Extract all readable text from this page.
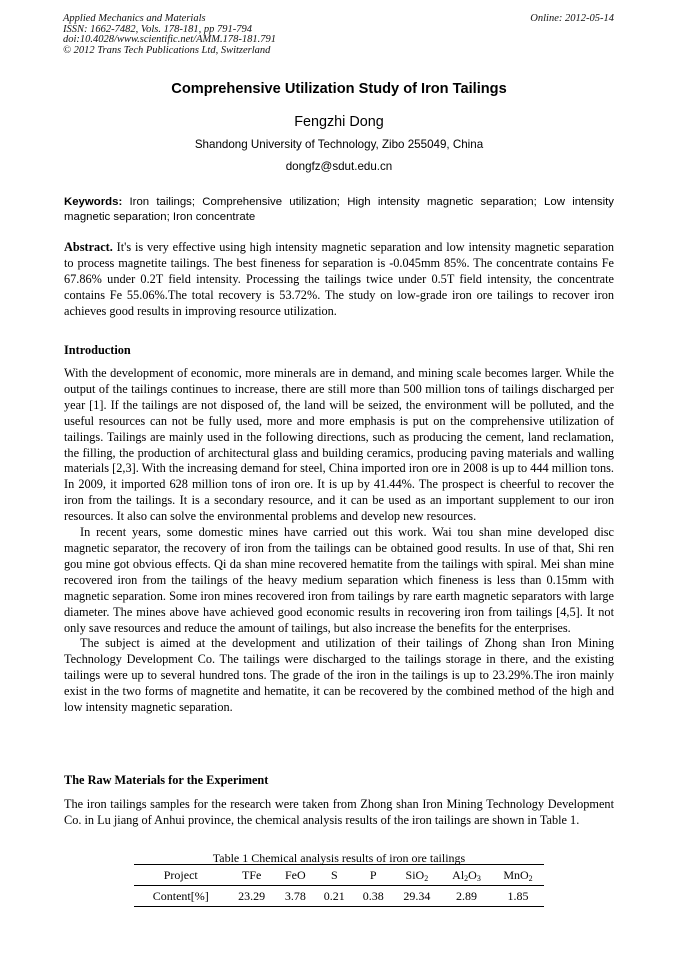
Applied Mechanics and Materials
ISSN: 1662-7482, Vols. 178-181, pp 791-794
doi:10.4028/www.scientific.net/AMM.178-181.791
© 2012 Trans Tech Publications Ltd, Switzerland
Online: 2012-05-14
Comprehensive Utilization Study of Iron Tailings
Fengzhi Dong
Shandong University of Technology, Zibo 255049, China
dongfz@sdut.edu.cn
Keywords: Iron tailings; Comprehensive utilization; High intensity magnetic separation; Low intensity magnetic separation; Iron concentrate

Abstract. It's is very effective using high intensity magnetic separation and low intensity magnetic separation to process magnetite tailings. The best fineness for separation is -0.045mm 85%. The concentrate contains Fe 67.86% under 0.2T field intensity. Processing the tailings twice under 0.5T field intensity, the concentrate contains Fe 55.06%.The total recovery is 53.72%. The study on low-grade iron ore tailings to recover iron achieves good results in improving resource utilization.

Introduction

With the development of economic, more minerals are in demand, and mining scale becomes larger. While the output of the tailings continues to increase, there are still more than 500 million tons of tailings discharged per year [1]. If the tailings are not disposed of, the land will be seized, the environment will be polluted, and the useful resources can not be fully used, more and more emphasis is put on the comprehensive utilization of tailings. Tailings are mainly used in the following directions, such as producing the cement, land reclamation, the filling, the production of architectural glass and building ceramics, producing paving materials and walling materials [2,3]. With the increasing demand for steel, China imported iron ore in 2008 is up to 444 million tons. In 2009, it imported 628 million tons of iron ore. It is up by 41.44%. The prospect is cheerful to recover the iron from the tailings. It is a secondary resource, and it can be used as an important supplement to our iron resources. It also can solve the environmental problems and develop new resources.

In recent years, some domestic mines have carried out this work. Wai tou shan mine developed disc magnetic separator, the recovery of iron from the tailings can be obtained good results. In use of that, Shi ren gou mine got obvious effects. Qi da shan mine recovered hematite from the tailings with spiral. Mei shan mine recovered iron from the tailings of the heavy medium separation which fineness is less than 0.15mm with magnetic separation. Some iron mines recovered iron from tailings by rare earth magnetic separators with large diameter. The mines above have achieved good economic results in recovering iron from tailings [4,5]. It not only save resources and reduce the amount of tailings, but also increase the benefits for the enterprises.

The subject is aimed at the development and utilization of their tailings of Zhong shan Iron Mining Technology Development Co. The tailings were discharged to the tailings storage in there, and the existing tailings were up to several hundred tons. The grade of the iron in the tailings is up to 23.29%.The iron mainly exist in the two forms of magnetite and hematite, it can be recovered by the combined method of the high and low intensity magnetic separation.

The Raw Materials for the Experiment

The iron tailings samples for the research were taken from Zhong shan Iron Mining Technology Development Co. in Lu jiang of Anhui province, the chemical analysis results of the iron tailings are shown in Table 1.

Table 1 Chemical analysis results of iron ore tailings
Project	TFe	FeO	S	P	SiO$_2$	$Al_2O_3$	MnO$_2$
Content[%]	23.29	3.78	0.21	0.38	29.34	2.89	1.85
